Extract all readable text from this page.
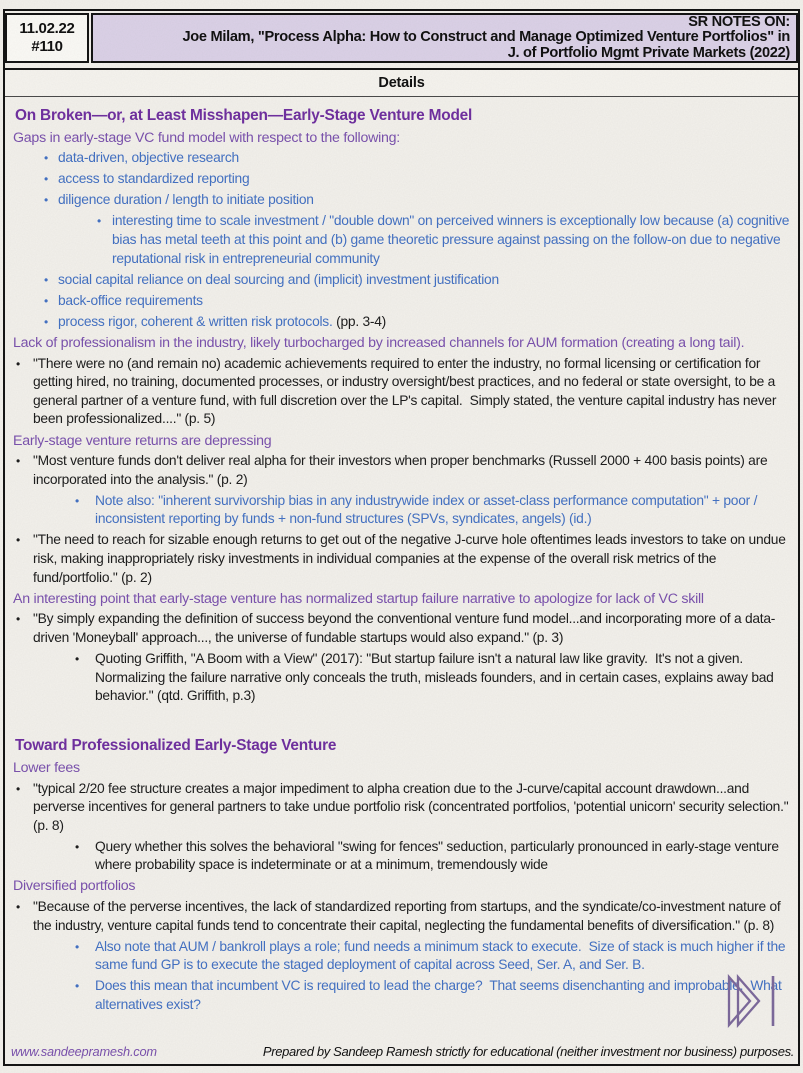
11.02.22
#110
SR NOTES ON:
Joe Milam, "Process Alpha: How to Construct and Manage Optimized Venture Portfolios" in
J. of Portfolio Mgmt Private Markets (2022)
Details
On Broken—or, at Least Misshapen—Early-Stage Venture Model
Gaps in early-stage VC fund model with respect to the following:
• data-driven, objective research
• access to standardized reporting
• diligence duration / length to initiate position
• interesting time to scale investment / "double down" on perceived winners is exceptionally low because (a) cognitive bias has metal teeth at this point and (b) game theoretic pressure against passing on the follow-on due to negative reputational risk in entrepreneurial community
• social capital reliance on deal sourcing and (implicit) investment justification
• back-office requirements
• process rigor, coherent & written risk protocols. (pp. 3-4)
Lack of professionalism in the industry, likely turbocharged by increased channels for AUM formation (creating a long tail).
• "There were no (and remain no) academic achievements required to enter the industry, no formal licensing or certification for getting hired, no training, documented processes, or industry oversight/best practices, and no federal or state oversight, to be a general partner of a venture fund, with full discretion over the LP's capital.  Simply stated, the venture capital industry has never been professionalized...." (p. 5)
Early-stage venture returns are depressing
• "Most venture funds don't deliver real alpha for their investors when proper benchmarks (Russell 2000 + 400 basis points) are incorporated into the analysis." (p. 2)
• Note also: "inherent survivorship bias in any industrywide index or asset-class performance computation" + poor / inconsistent reporting by funds + non-fund structures (SPVs, syndicates, angels) (id.)
• "The need to reach for sizable enough returns to get out of the negative J-curve hole oftentimes leads investors to take on undue risk, making inappropriately risky investments in individual companies at the expense of the overall risk metrics of the fund/portfolio." (p. 2)
An interesting point that early-stage venture has normalized startup failure narrative to apologize for lack of VC skill
• "By simply expanding the definition of success beyond the conventional venture fund model...and incorporating more of a data-driven 'Moneyball' approach..., the universe of fundable startups would also expand." (p. 3)
• Quoting Griffith, "A Boom with a View" (2017): "But startup failure isn't a natural law like gravity.  It's not a given.  Normalizing the failure narrative only conceals the truth, misleads founders, and in certain cases, explains away bad behavior." (qtd. Griffith, p.3)
Toward Professionalized Early-Stage Venture
Lower fees
• "typical 2/20 fee structure creates a major impediment to alpha creation due to the J-curve/capital account drawdown...and perverse incentives for general partners to take undue portfolio risk (concentrated portfolios, 'potential unicorn' security selection." (p. 8)
• Query whether this solves the behavioral "swing for fences" seduction, particularly pronounced in early-stage venture where probability space is indeterminate or at a minimum, tremendously wide
Diversified portfolios
• "Because of the perverse incentives, the lack of standardized reporting from startups, and the syndicate/co-investment nature of the industry, venture capital funds tend to concentrate their capital, neglecting the fundamental benefits of diversification." (p. 8)
• Also note that AUM / bankroll plays a role; fund needs a minimum stack to execute.  Size of stack is much higher if the same fund GP is to execute the staged deployment of capital across Seed, Ser. A, and Ser. B.
• Does this mean that incumbent VC is required to lead the charge?  That seems disenchanting and improbable.  What alternatives exist?
www.sandeepramesh.com	Prepared by Sandeep Ramesh strictly for educational (neither investment nor business) purposes.
